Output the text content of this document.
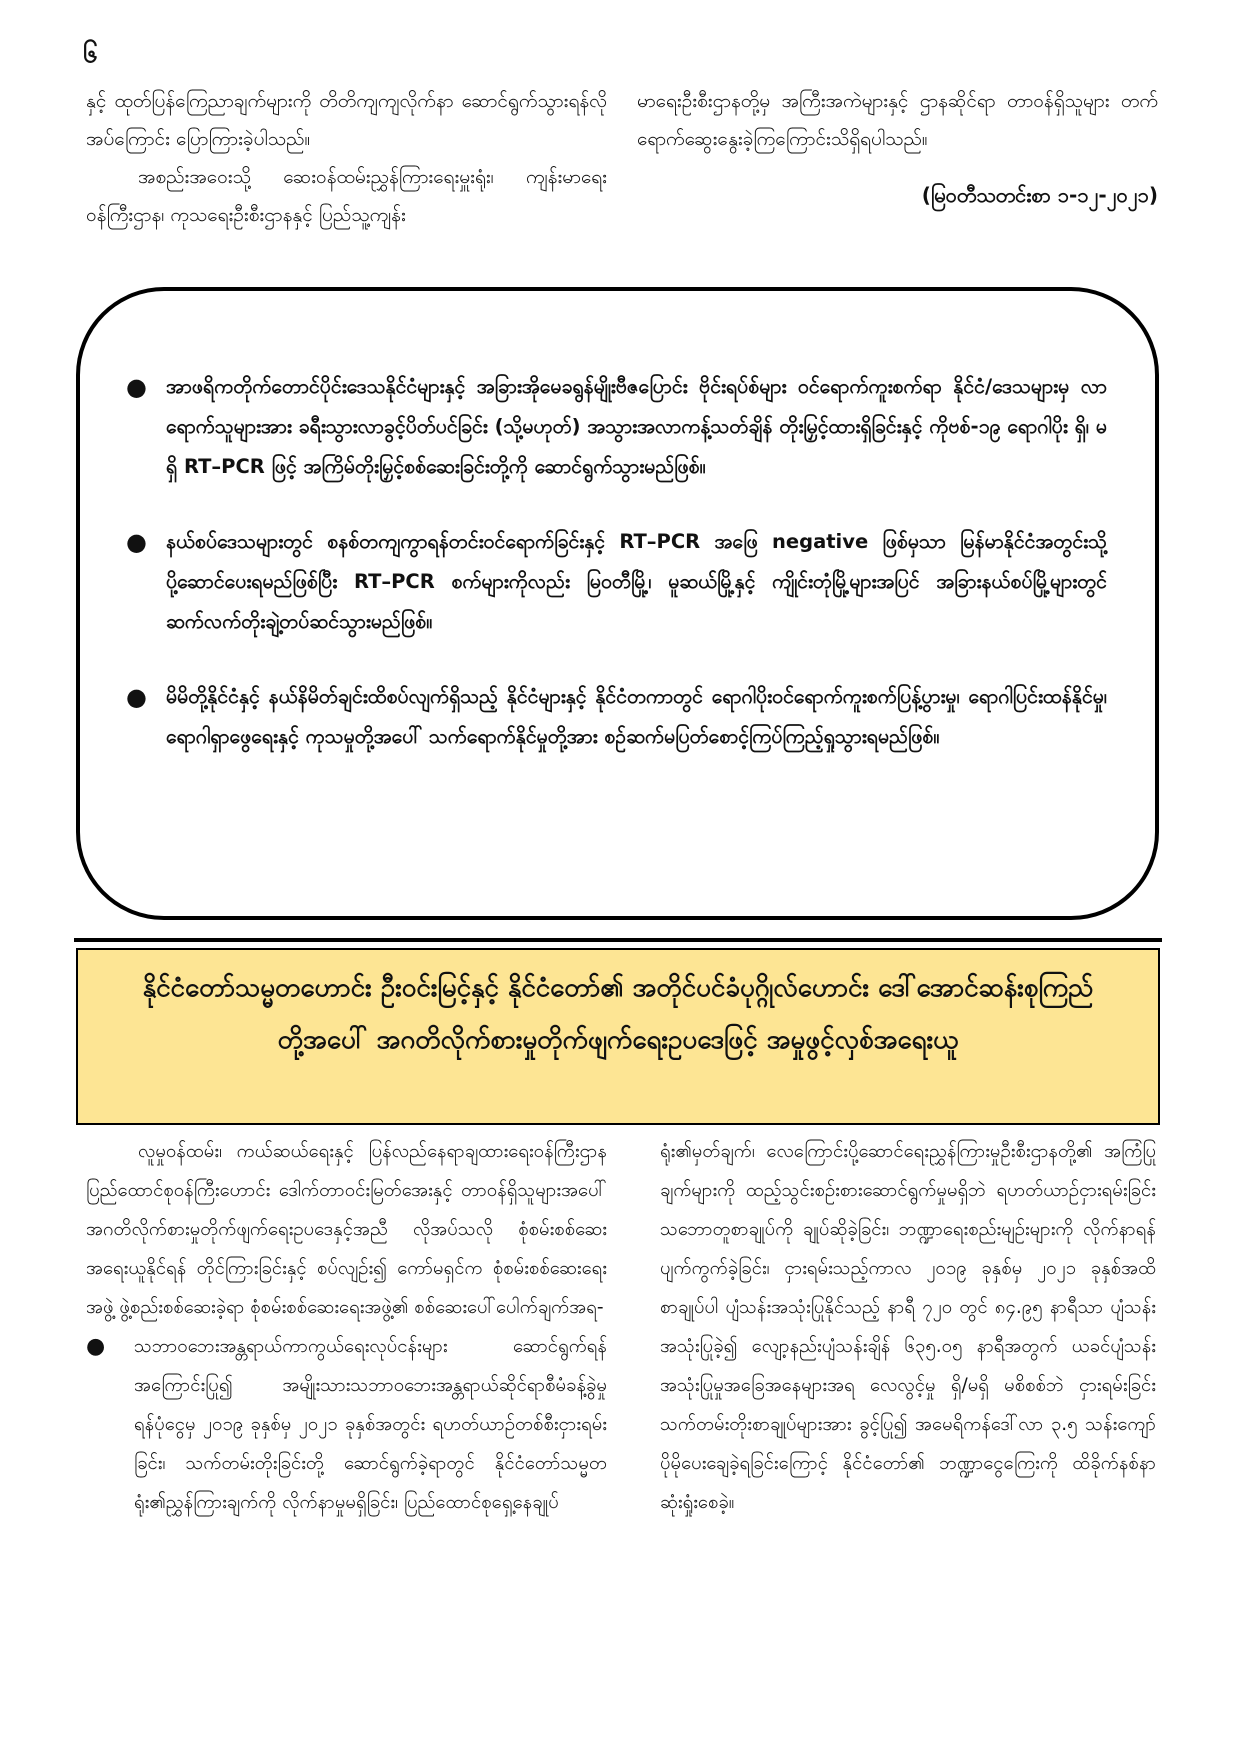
၆

နှင့် ထုတ်ပြန်ကြေညာချက်များကို တိတိကျကျလိုက်နာ ဆောင်ရွက်သွားရန်လိုအပ်ကြောင်း ပြောကြားခဲ့ပါသည်။

အစည်းအဝေးသို့ ဆေးဝန်ထမ်းညွှန်ကြားရေးမှူးရုံး၊ ကျန်းမာရေးဝန်ကြီးဌာန၊ ကုသရေးဦးစီးဌာနနှင့် ပြည်သူ့ကျန်း

မာရေးဦးစီးဌာနတို့မှ အကြီးအကဲများနှင့် ဌာနဆိုင်ရာ တာဝန်ရှိသူများ တက်ရောက်ဆွေးနွေးခဲ့ကြကြောင်းသိရှိရပါသည်။

(မြဝတီသတင်းစာ ၁-၁၂-၂၀၂၁)

● အာဖရိကတိုက်တောင်ပိုင်းဒေသနိုင်ငံများနှင့် အခြားအိုမေခရွန်မျိုးဗီဇပြောင်း ဗိုင်းရပ်စ်များ ဝင်ရောက်ကူးစက်ရာ နိုင်ငံ/ဒေသများမှ လာရောက်သူများအား ခရီးသွားလာခွင့်ပိတ်ပင်ခြင်း (သို့မဟုတ်) အသွားအလာကန့်သတ်ချိန် တိုးမြှင့်ထားရှိခြင်းနှင့် ကိုဗစ်-၁၉ ရောဂါပိုး ရှိ၊ မရှိ RT–PCR ဖြင့် အကြိမ်တိုးမြှင့်စစ်ဆေးခြင်းတို့ကို ဆောင်ရွက်သွားမည်ဖြစ်။
● နယ်စပ်ဒေသများတွင် စနစ်တကျကွာရန်တင်းဝင်ရောက်ခြင်းနှင့် RT–PCR အဖြေ negative ဖြစ်မှသာ မြန်မာနိုင်ငံအတွင်းသို့ ပို့ဆောင်ပေးရမည်ဖြစ်ပြီး RT–PCR စက်များကိုလည်း မြဝတီမြို့၊ မူဆယ်မြို့နှင့် ကျိုင်းတုံမြို့များအပြင် အခြားနယ်စပ်မြို့များတွင် ဆက်လက်တိုးချဲ့တပ်ဆင်သွားမည်ဖြစ်။
● မိမိတို့နိုင်ငံနှင့် နယ်နိမိတ်ချင်းထိစပ်လျက်ရှိသည့် နိုင်ငံများနှင့် နိုင်ငံတကာတွင် ရောဂါပိုးဝင်ရောက်ကူးစက်ပြန့်ပွားမှု၊ ရောဂါပြင်းထန်နိုင်မှု၊ ရောဂါရှာဖွေရေးနှင့် ကုသမှုတို့အပေါ် သက်ရောက်နိုင်မှုတို့အား စဉ်ဆက်မပြတ်စောင့်ကြပ်ကြည့်ရှုသွားရမည်ဖြစ်။
နိုင်ငံတော်သမ္မတဟောင်း ဦးဝင်းမြင့်နှင့် နိုင်ငံတော်၏ အတိုင်ပင်ခံပုဂ္ဂိုလ်ဟောင်း ဒေါ်အောင်ဆန်းစုကြည်တို့အပေါ် အဂတိလိုက်စားမှုတိုက်ဖျက်ရေးဥပဒေဖြင့် အမှုဖွင့်လှစ်အရေးယူ

လူမှုဝန်ထမ်း၊ ကယ်ဆယ်ရေးနှင့် ပြန်လည်နေရာချထားရေးဝန်ကြီးဌာန ပြည်ထောင်စုဝန်ကြီးဟောင်း ဒေါက်တာဝင်းမြတ်အေးနှင့် တာဝန်ရှိသူများအပေါ် အဂတိလိုက်စားမှုတိုက်ဖျက်ရေးဥပဒေနှင့်အညီ လိုအပ်သလို စုံစမ်းစစ်ဆေးအရေးယူနိုင်ရန် တိုင်ကြားခြင်းနှင့် စပ်လျဉ်း၍ ကော်မရှင်က စုံစမ်းစစ်ဆေးရေးအဖွဲ့ ဖွဲ့စည်းစစ်ဆေးခဲ့ရာ စုံစမ်းစစ်ဆေးရေးအဖွဲ့၏ စစ်ဆေးပေါ်ပေါက်ချက်အရ-

●	သဘာဝဘေးအန္တရာယ်ကာကွယ်ရေးလုပ်ငန်းများ ဆောင်ရွက်ရန်အကြောင်းပြု၍ အမျိုးသားသဘာဝဘေးအန္တရာယ်ဆိုင်ရာစီမံခန့်ခွဲမှုရန်ပုံငွေမှ ၂၀၁၉ ခုနှစ်မှ ၂၀၂၁ ခုနှစ်အတွင်း ရဟတ်ယာဉ်တစ်စီးငှားရမ်းခြင်း၊ သက်တမ်းတိုးခြင်းတို့ ဆောင်ရွက်ခဲ့ရာတွင် နိုင်ငံတော်သမ္မတရုံး၏ညွှန်ကြားချက်ကို လိုက်နာမှုမရှိခြင်း၊ ပြည်ထောင်စုရှေ့နေချုပ်

ရုံး၏မှတ်ချက်၊ လေကြောင်းပို့ဆောင်ရေးညွှန်ကြားမှုဦးစီးဌာနတို့၏ အကြံပြုချက်များကို ထည့်သွင်းစဉ်းစားဆောင်ရွက်မှုမရှိဘဲ ရဟတ်ယာဉ်ငှားရမ်းခြင်းသဘောတူစာချုပ်ကို ချုပ်ဆိုခဲ့ခြင်း၊ ဘဏ္ဍာရေးစည်းမျဉ်းများကို လိုက်နာရန် ပျက်ကွက်ခဲ့ခြင်း၊ ငှားရမ်းသည့်ကာလ ၂၀၁၉ ခုနှစ်မှ ၂၀၂၁ ခုနှစ်အထိ စာချုပ်ပါ ပျံသန်းအသုံးပြုနိုင်သည့် နာရီ ၇၂၀ တွင် ၈၄.၉၅ နာရီသာ ပျံသန်းအသုံးပြုခဲ့၍ လျော့နည်းပျံသန်းချိန် ၆၃၅.၀၅ နာရီအတွက် ယခင်ပျံသန်းအသုံးပြုမှုအခြေအနေများအရ လေလွင့်မှု ရှိ/မရှိ မစိစစ်ဘဲ ငှားရမ်းခြင်း သက်တမ်းတိုးစာချုပ်များအား ခွင့်ပြု၍ အမေရိကန်ဒေါ်လာ ၃.၅ သန်းကျော် ပိုမိုပေးချေခဲ့ရခြင်းကြောင့် နိုင်ငံတော်၏ ဘဏ္ဍာငွေကြေးကို ထိခိုက်နစ်နာဆုံးရှုံးစေခဲ့။
